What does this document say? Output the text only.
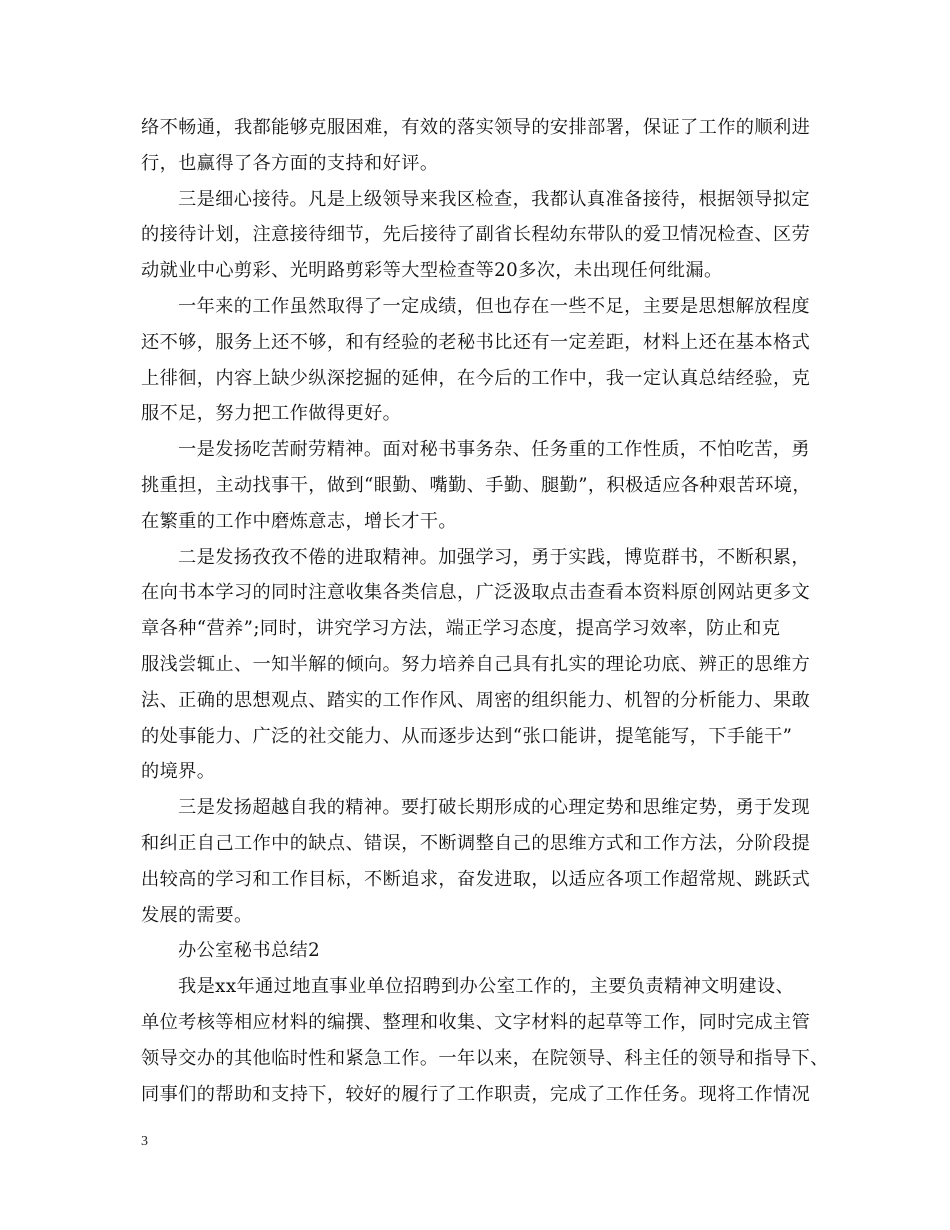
络不畅通，我都能够克服困难，有效的落实领导的安排部署，保证了工作的顺利进
行，也赢得了各方面的支持和好评。
三是细心接待。凡是上级领导来我区检查，我都认真准备接待，根据领导拟定
的接待计划，注意接待细节，先后接待了副省长程幼东带队的爱卫情况检查、区劳
动就业中心剪彩、光明路剪彩等大型检查等20多次，未出现任何纰漏。
一年来的工作虽然取得了一定成绩，但也存在一些不足，主要是思想解放程度
还不够，服务上还不够，和有经验的老秘书比还有一定差距，材料上还在基本格式
上徘徊，内容上缺少纵深挖掘的延伸，在今后的工作中，我一定认真总结经验，克
服不足，努力把工作做得更好。
一是发扬吃苦耐劳精神。面对秘书事务杂、任务重的工作性质，不怕吃苦，勇
挑重担，主动找事干，做到“眼勤、嘴勤、手勤、腿勤”，积极适应各种艰苦环境，
在繁重的工作中磨炼意志，增长才干。
二是发扬孜孜不倦的进取精神。加强学习，勇于实践，博览群书，不断积累，
在向书本学习的同时注意收集各类信息，广泛汲取点击查看本资料原创网站更多文
章各种“营养”;同时，讲究学习方法，端正学习态度，提高学习效率，防止和克
服浅尝辄止、一知半解的倾向。努力培养自己具有扎实的理论功底、辨正的思维方
法、正确的思想观点、踏实的工作作风、周密的组织能力、机智的分析能力、果敢
的处事能力、广泛的社交能力、从而逐步达到“张口能讲，提笔能写，下手能干”
的境界。
三是发扬超越自我的精神。要打破长期形成的心理定势和思维定势，勇于发现
和纠正自己工作中的缺点、错误，不断调整自己的思维方式和工作方法，分阶段提
出较高的学习和工作目标，不断追求，奋发进取，以适应各项工作超常规、跳跃式
发展的需要。
办公室秘书总结2
我是xx年通过地直事业单位招聘到办公室工作的，主要负责精神文明建设、
单位考核等相应材料的编撰、整理和收集、文字材料的起草等工作，同时完成主管
领导交办的其他临时性和紧急工作。一年以来，在院领导、科主任的领导和指导下、
同事们的帮助和支持下，较好的履行了工作职责，完成了工作任务。现将工作情况
3
